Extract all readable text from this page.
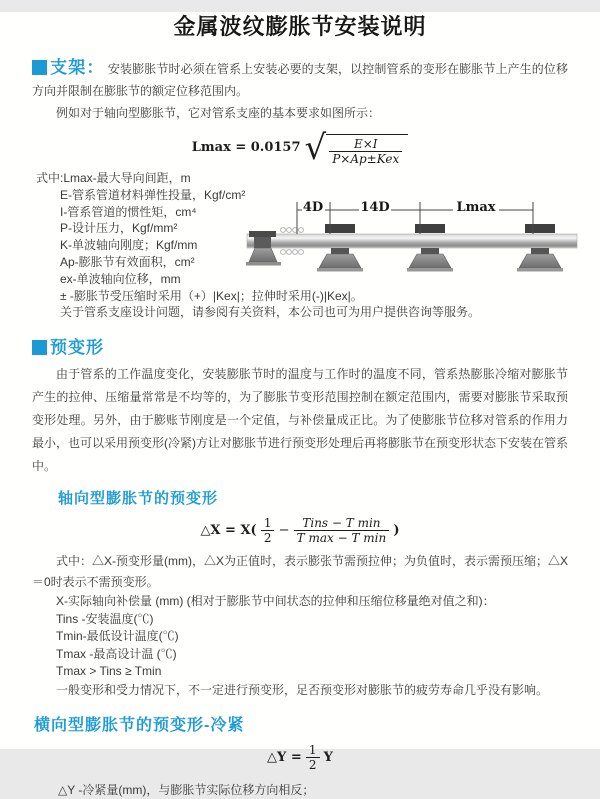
金属波纹膨胀节安装说明

支架： 安装膨胀节时必须在管系上安装必要的支架，以控制管系的变形在膨胀节上产生的位移方向并限制在膨胀节的额定位移范围内。

例如对于轴向型膨胀节，它对管系支座的基本要求如图所示：

Lmax = 0.0157 √ $\frac{E\times I}{\text{P×Ap±Kex}}$
式中:Lmax-最大导向间距，m
E-管系管道材料弹性投量，Kgf/cm²
I-管系管道的惯性矩，cm⁴
P-设计压力，Kgf/mm²
K-单波轴向刚度；Kgf/mm
Ap-膨胀节有效面积，cm²
ex-单波轴向位移，mm
± -膨胀节受压缩时采用（+）|Kex|；拉伸时采用(-)|Kex|。
关于管系支座设计问题，请参阅有关资料，本公司也可为用户提供咨询等服务。
4D	14D	Lmax
预变形

由于管系的工作温度变化，安装膨胀节时的温度与工作时的温度不同，管系热膨胀冷缩对膨胀节产生的拉伸、压缩量常常是不均等的，为了膨胀节变形范围控制在额定范围内，需要对膨胀节采取预变形处理。另外，由于膨账节刚度是一个定值，与补偿量成正比。为了使膨胀节位移对管系的作用力最小，也可以采用预变形(冷紧)方让对膨胀节进行预变形处理后再将膨胀节在预变形状态下安装在管系中。

轴向型膨胀节的预变形
△X = $X( \frac{1}{2} - \frac{\text{Tins − T min}}{\text{T max − T min}}$ )

式中：△X-预变形量(mm)，△X为正值时，表示膨张节需预拉伸；为负值时，表示需预压缩；△X＝0时表示不需预变形。

X-实际轴向补偿量 (mm) (相对于膨胀节中间状态的拉伸和压缩位移量绝对值之和)：
Tins -安装温度(℃)
Tmin-最低设计温度(℃)
Tmax -最高设计温 (℃)
Tmax > Tins ≥ Tmin
一般变形和受力情况下，不一定进行预变形，足否预变形对膨胀节的疲劳寿命几乎没有影响。
横向型膨胀节的预变形-冷紧
△Y = $\frac{1}{2}$ Y
△Y -冷紧量(mm)，与膨胀节实际位移方向相反；
